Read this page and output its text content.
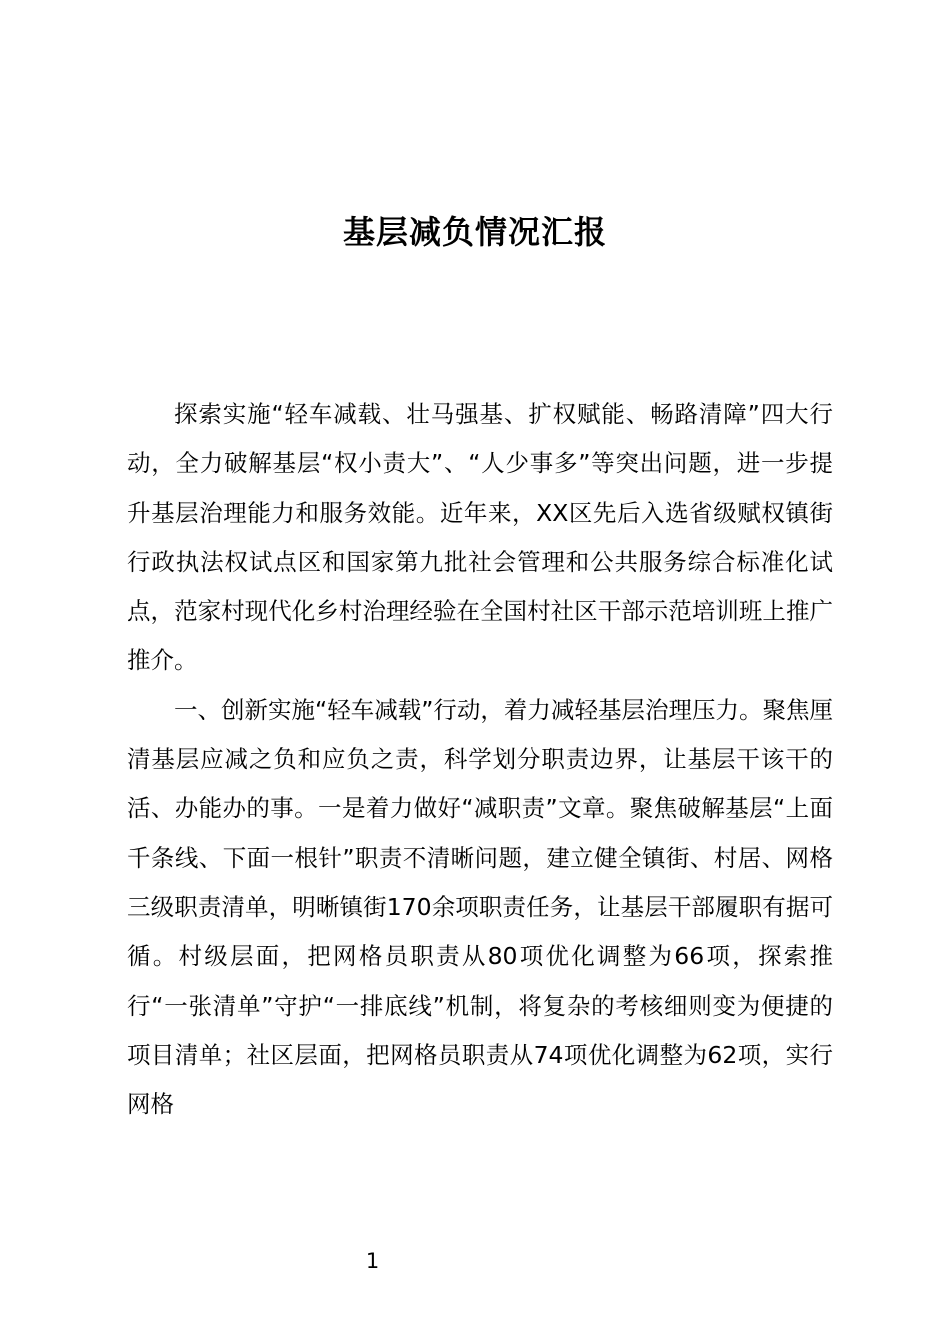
基层减负情况汇报

探索实施“轻车减载、壮马强基、扩权赋能、畅路清障”四大行动，全力破解基层“权小责大”、“人少事多”等突出问题，进一步提升基层治理能力和服务效能。近年来，XX区先后入选省级赋权镇街行政执法权试点区和国家第九批社会管理和公共服务综合标准化试点，范家村现代化乡村治理经验在全国村社区干部示范培训班上推广推介。

一、创新实施“轻车减载”行动，着力减轻基层治理压力。聚焦厘清基层应减之负和应负之责，科学划分职责边界，让基层干该干的活、办能办的事。一是着力做好“减职责”文章。聚焦破解基层“上面千条线、下面一根针”职责不清晰问题，建立健全镇街、村居、网格三级职责清单，明晰镇街170余项职责任务，让基层干部履职有据可循。村级层面，把网格员职责从80项优化调整为66项，探索推行“一张清单”守护“一排底线”机制，将复杂的考核细则变为便捷的项目清单；社区层面，把网格员职责从74项优化调整为62项，实行网格

1
